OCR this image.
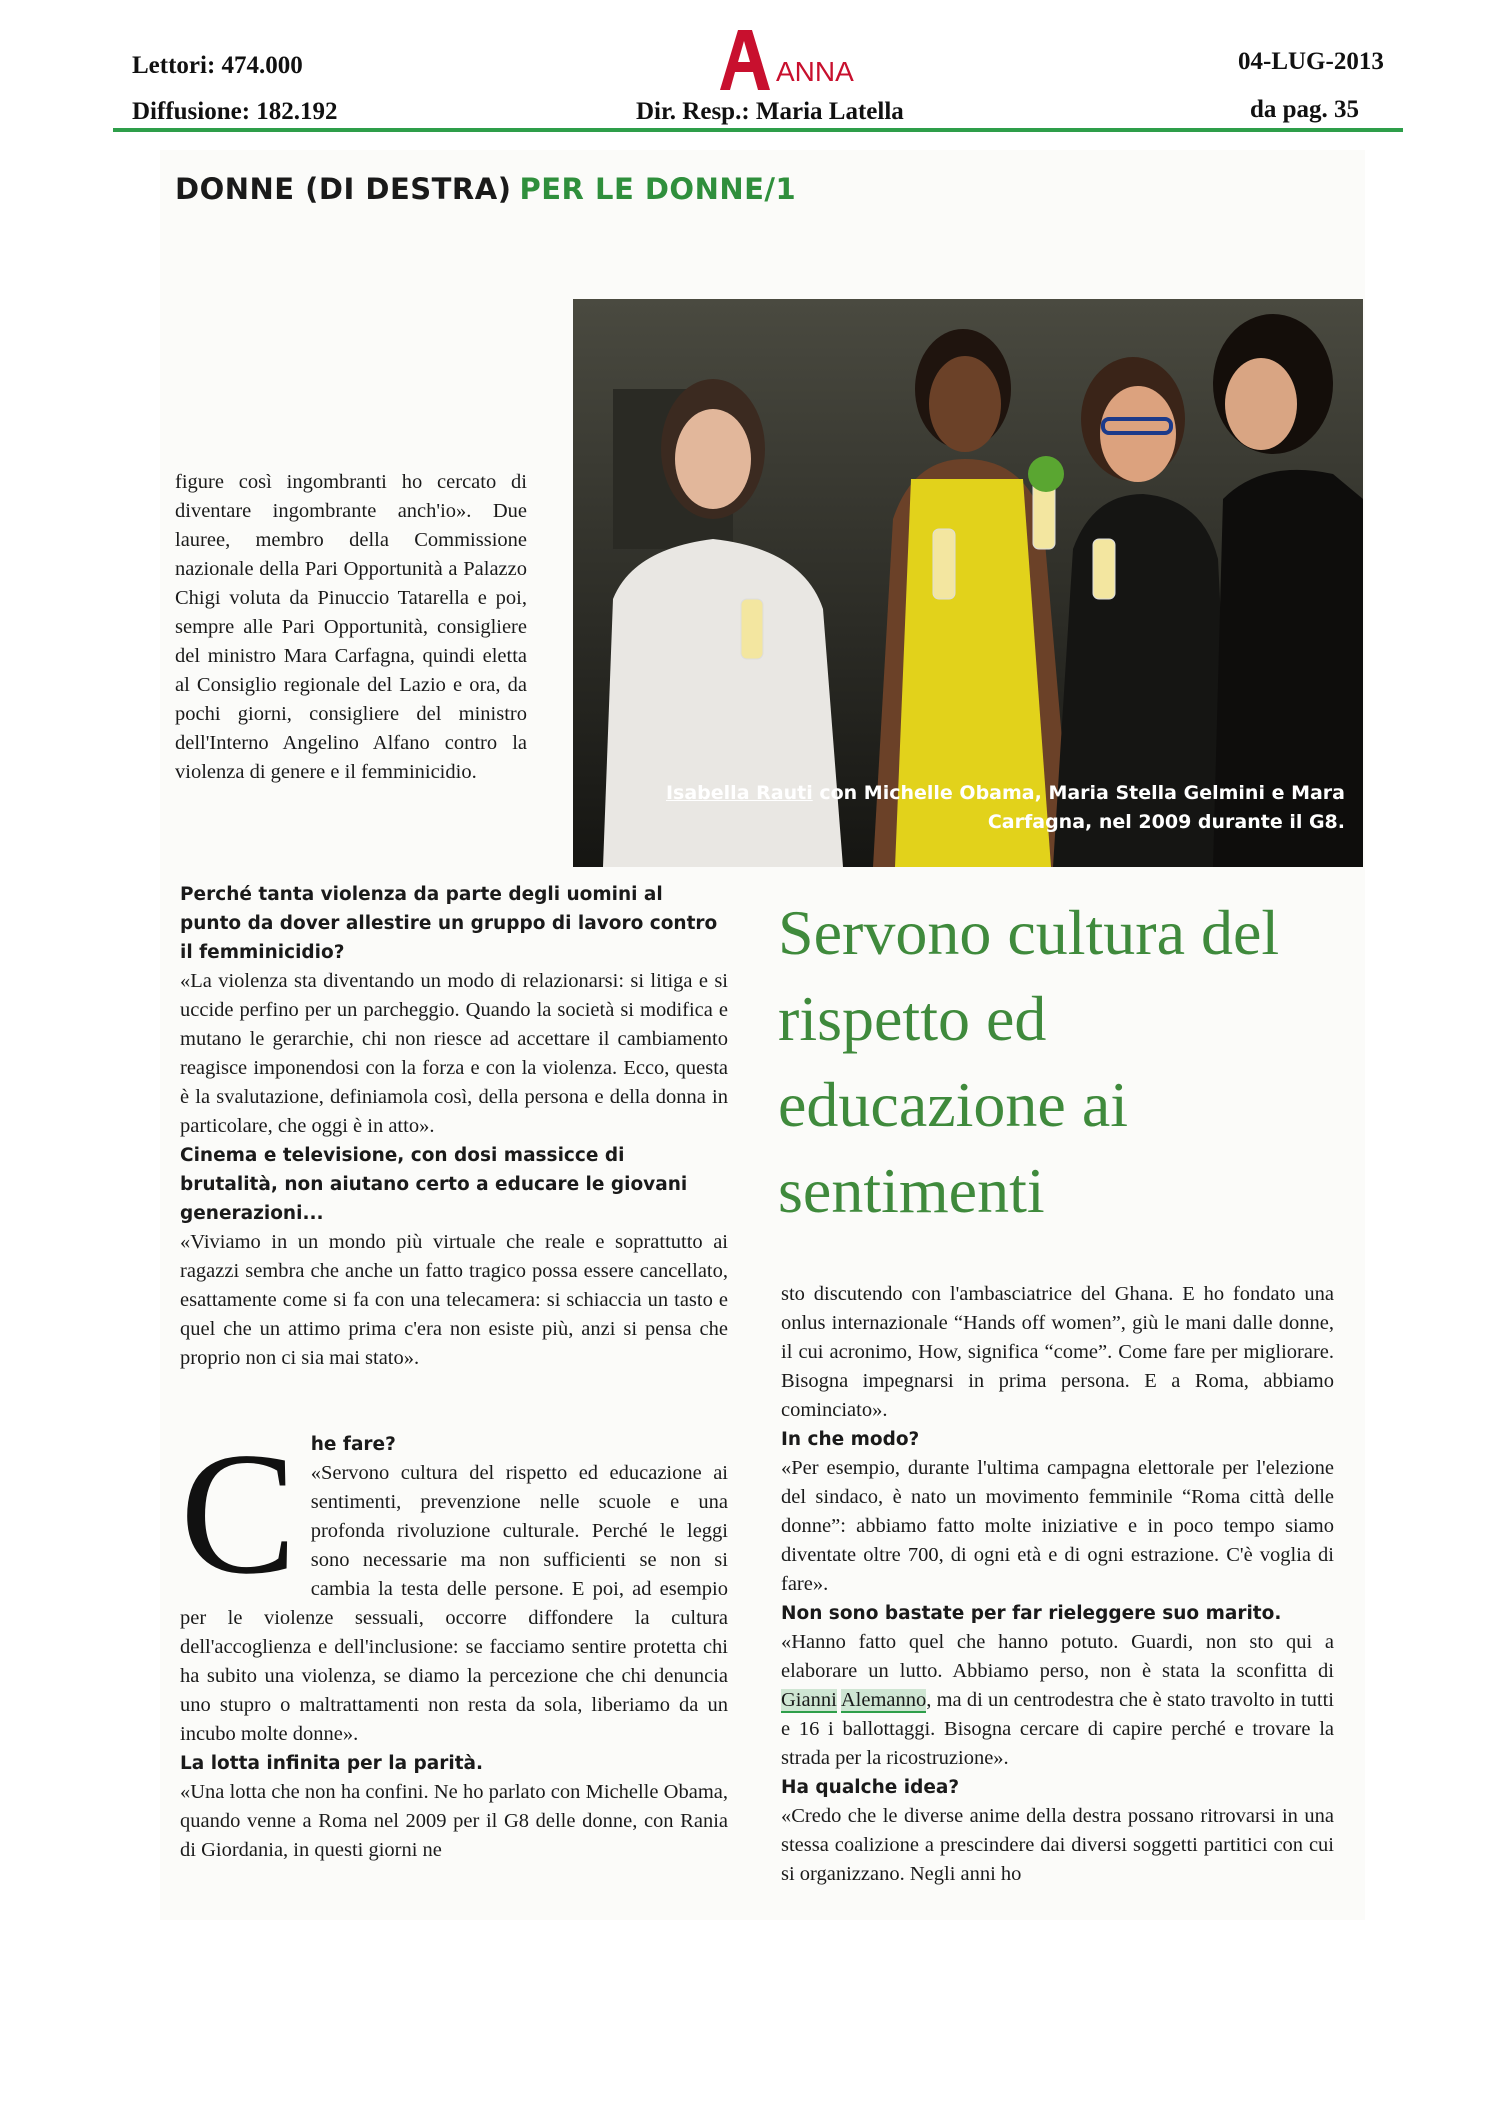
Lettori: 474.000
Diffusione: 182.192
ANNA
Dir. Resp.: Maria Latella
04-LUG-2013
da pag. 35
DONNE (DI DESTRA) PER LE DONNE/1
Isabella Rauti con Michelle Obama, Maria Stella Gelmini e Mara Carfagna, nel 2009 durante il G8.

figure così ingombranti ho cercato di diventare ingombrante anch'io». Due lauree, membro della Commissione nazionale della Pari Opportunità a Palazzo Chigi voluta da Pinuccio Tatarella e poi, sempre alle Pari Opportunità, consigliere del ministro Mara Carfagna, quindi eletta al Consiglio regionale del Lazio e ora, da pochi giorni, consigliere del ministro dell'Interno Angelino Alfano contro la violenza di genere e il femminicidio.

Perché tanta violenza da parte degli uomini al punto da dover allestire un gruppo di lavoro contro il femminicidio?

«La violenza sta diventando un modo di relazionarsi: si litiga e si uccide perfino per un parcheggio. Quando la società si modifica e mutano le gerarchie, chi non riesce ad accettare il cambiamento reagisce imponendosi con la forza e con la violenza. Ecco, questa è la svalutazione, definiamola così, della persona e della donna in particolare, che oggi è in atto».

Cinema e televisione, con dosi massicce di brutalità, non aiutano certo a educare le giovani generazioni...

«Viviamo in un mondo più virtuale che reale e soprattutto ai ragazzi sembra che anche un fatto tragico possa essere cancellato, esattamente come si fa con una telecamera: si schiaccia un tasto e quel che un attimo prima c'era non esiste più, anzi si pensa che proprio non ci sia mai stato».

Servono cultura del rispetto ed educazione ai sentimenti
C he fare?

«Servono cultura del rispetto ed educazione ai sentimenti, prevenzione nelle scuole e una profonda rivoluzione culturale. Perché le leggi sono necessarie ma non sufficienti se non si cambia la testa delle persone. E poi, ad esempio per le violenze sessuali, occorre diffondere la cultura dell'accoglienza e dell'inclusione: se facciamo sentire protetta chi ha subito una violenza, se diamo la percezione che chi denuncia uno stupro o maltrattamenti non resta da sola, liberiamo da un incubo molte donne».

La lotta infinita per la parità.

«Una lotta che non ha confini. Ne ho parlato con Michelle Obama, quando venne a Roma nel 2009 per il G8 delle donne, con Rania di Giordania, in questi giorni ne

sto discutendo con l'ambasciatrice del Ghana. E ho fondato una onlus internazionale “Hands off women”, giù le mani dalle donne, il cui acronimo, How, significa “come”. Come fare per migliorare. Bisogna impegnarsi in prima persona. E a Roma, abbiamo cominciato».

In che modo?

«Per esempio, durante l'ultima campagna elettorale per l'elezione del sindaco, è nato un movimento femminile “Roma città delle donne”: abbiamo fatto molte iniziative e in poco tempo siamo diventate oltre 700, di ogni età e di ogni estrazione. C'è voglia di fare».

Non sono bastate per far rieleggere suo marito.

«Hanno fatto quel che hanno potuto. Guardi, non sto qui a elaborare un lutto. Abbiamo perso, non è stata la sconfitta di Gianni Alemanno, ma di un centrodestra che è stato travolto in tutti e 16 i ballottaggi. Bisogna cercare di capire perché e trovare la strada per la ricostruzione».

Ha qualche idea?

«Credo che le diverse anime della destra possano ritrovarsi in una stessa coalizione a prescindere dai diversi soggetti partitici con cui si organizzano. Negli anni ho
